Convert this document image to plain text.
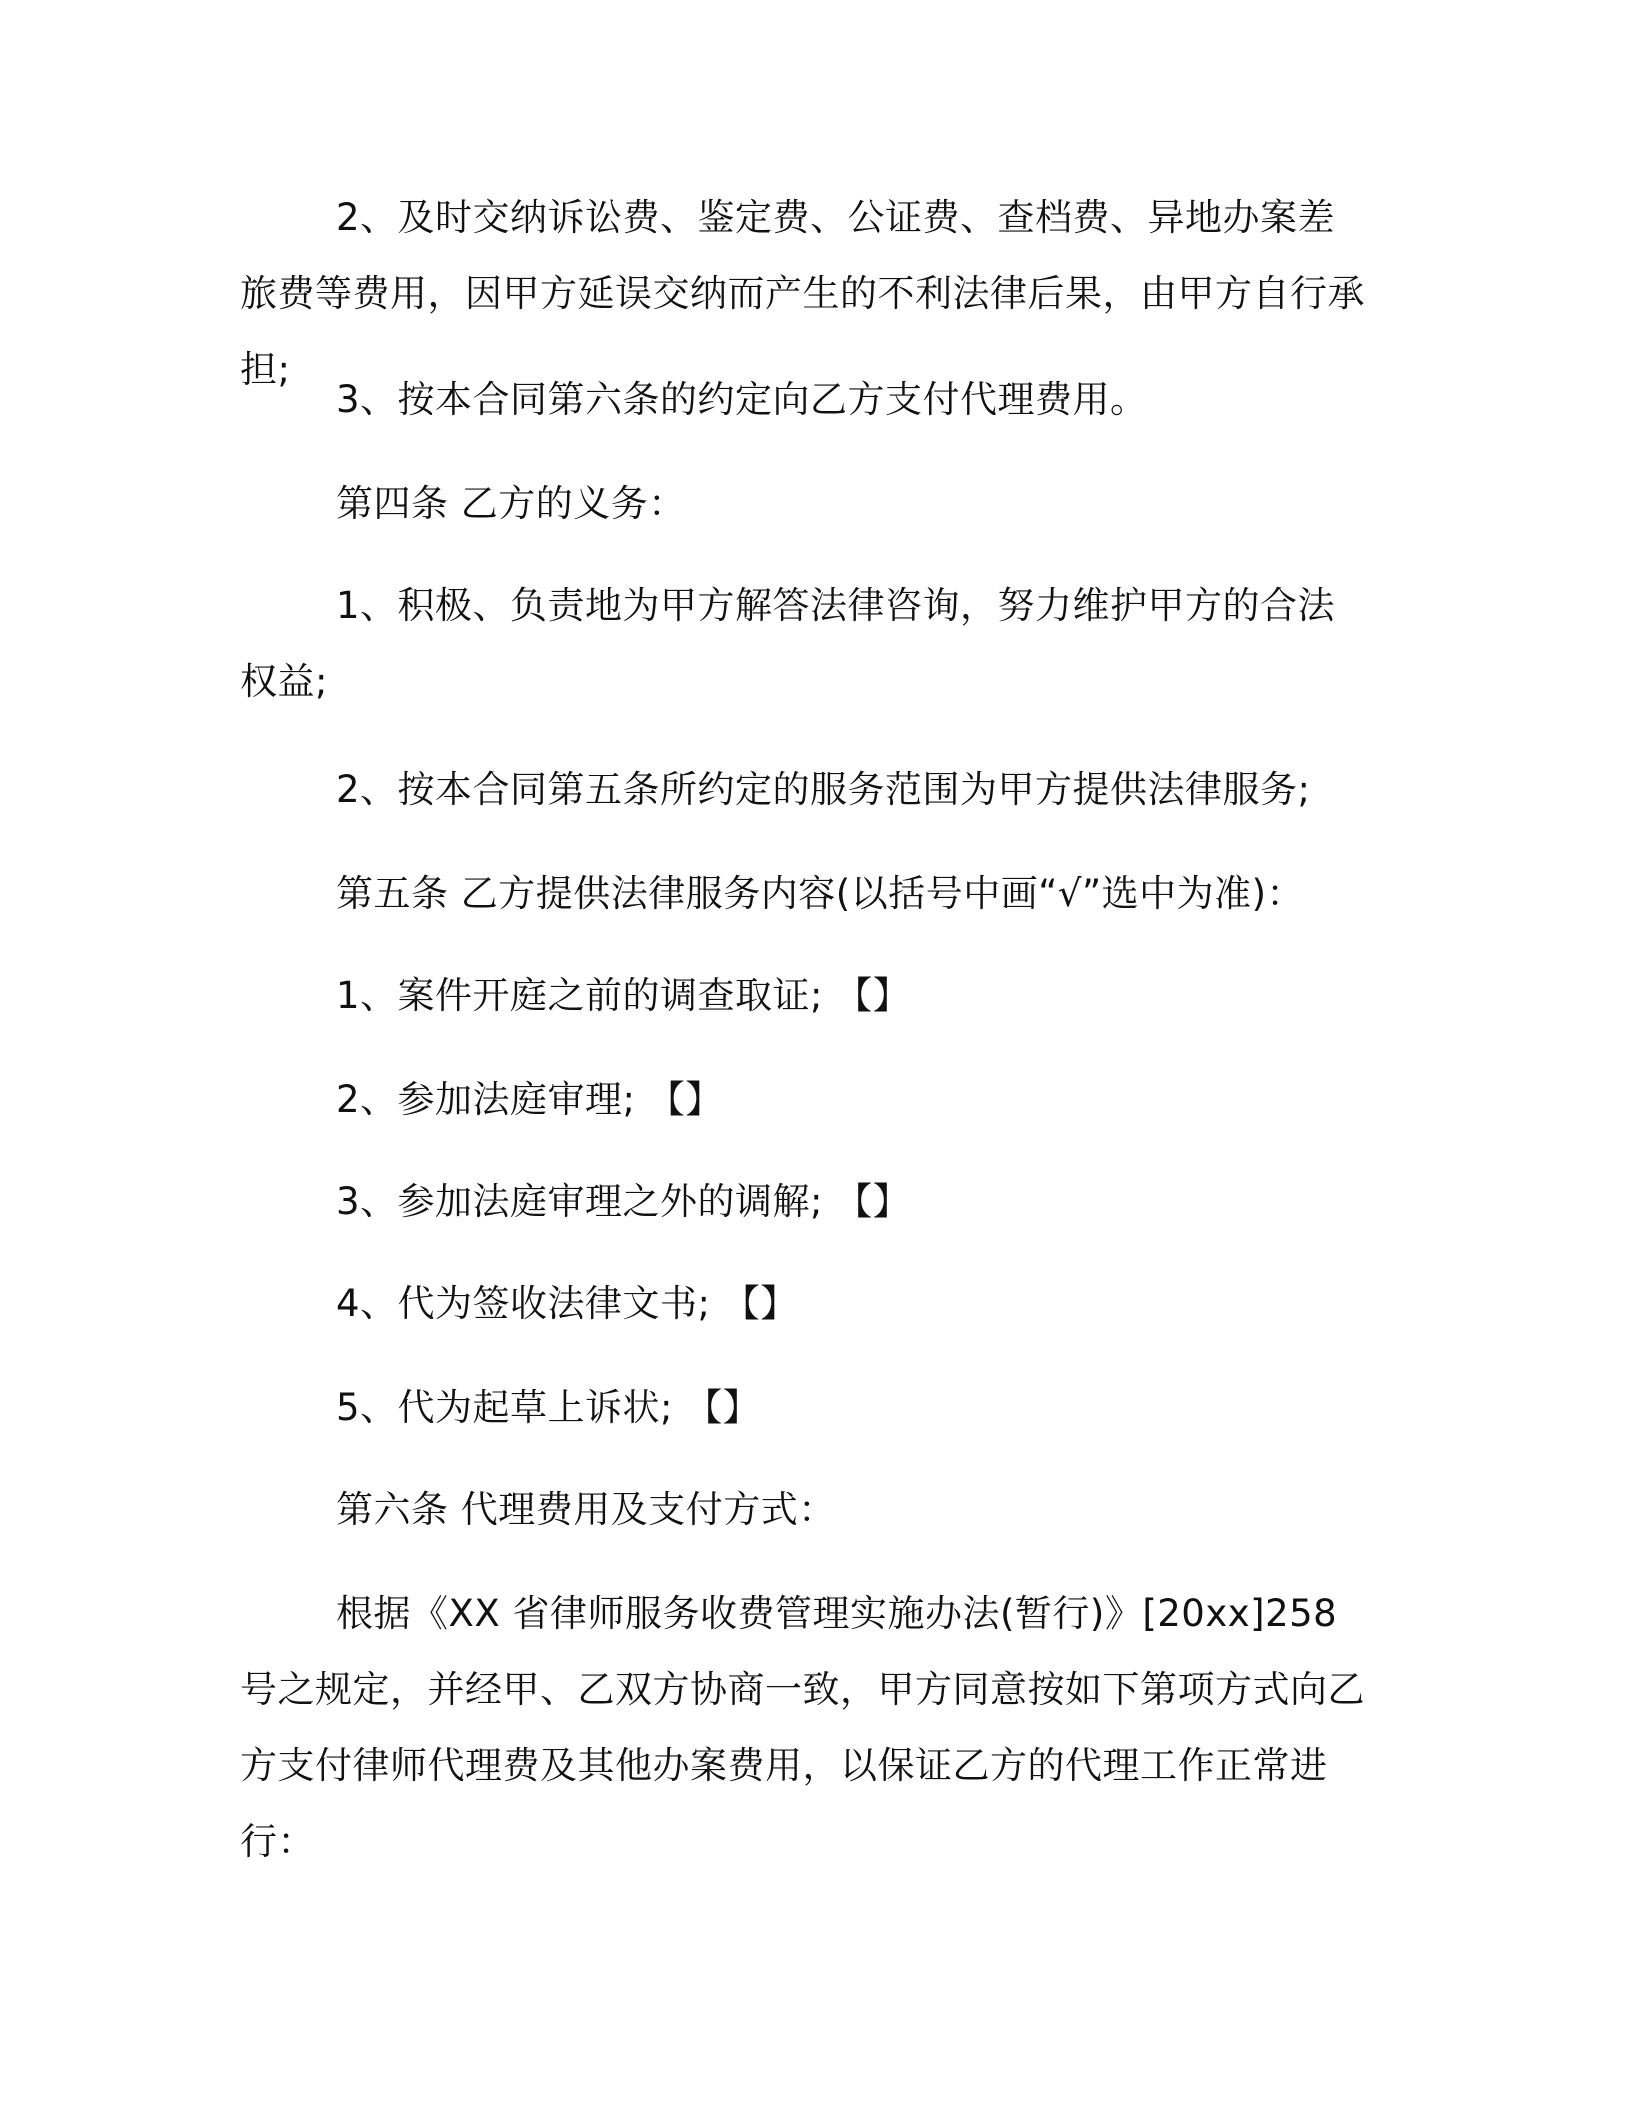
2、及时交纳诉讼费、鉴定费、公证费、查档费、异地办案差旅费等费用，因甲方延误交纳而产生的不利法律后果，由甲方自行承担;

3、按本合同第六条的约定向乙方支付代理费用。

第四条 乙方的义务：

1、积极、负责地为甲方解答法律咨询，努力维护甲方的合法权益;

2、按本合同第五条所约定的服务范围为甲方提供法律服务;

第五条 乙方提供法律服务内容(以括号中画“√”选中为准)：

1、案件开庭之前的调查取证; 【】

2、参加法庭审理; 【】

3、参加法庭审理之外的调解; 【】

4、代为签收法律文书; 【】

5、代为起草上诉状; 【】

第六条 代理费用及支付方式：

根据《XX 省律师服务收费管理实施办法(暂行)》[20xx]258 号之规定，并经甲、乙双方协商一致，甲方同意按如下第项方式向乙方支付律师代理费及其他办案费用，以保证乙方的代理工作正常进行：
